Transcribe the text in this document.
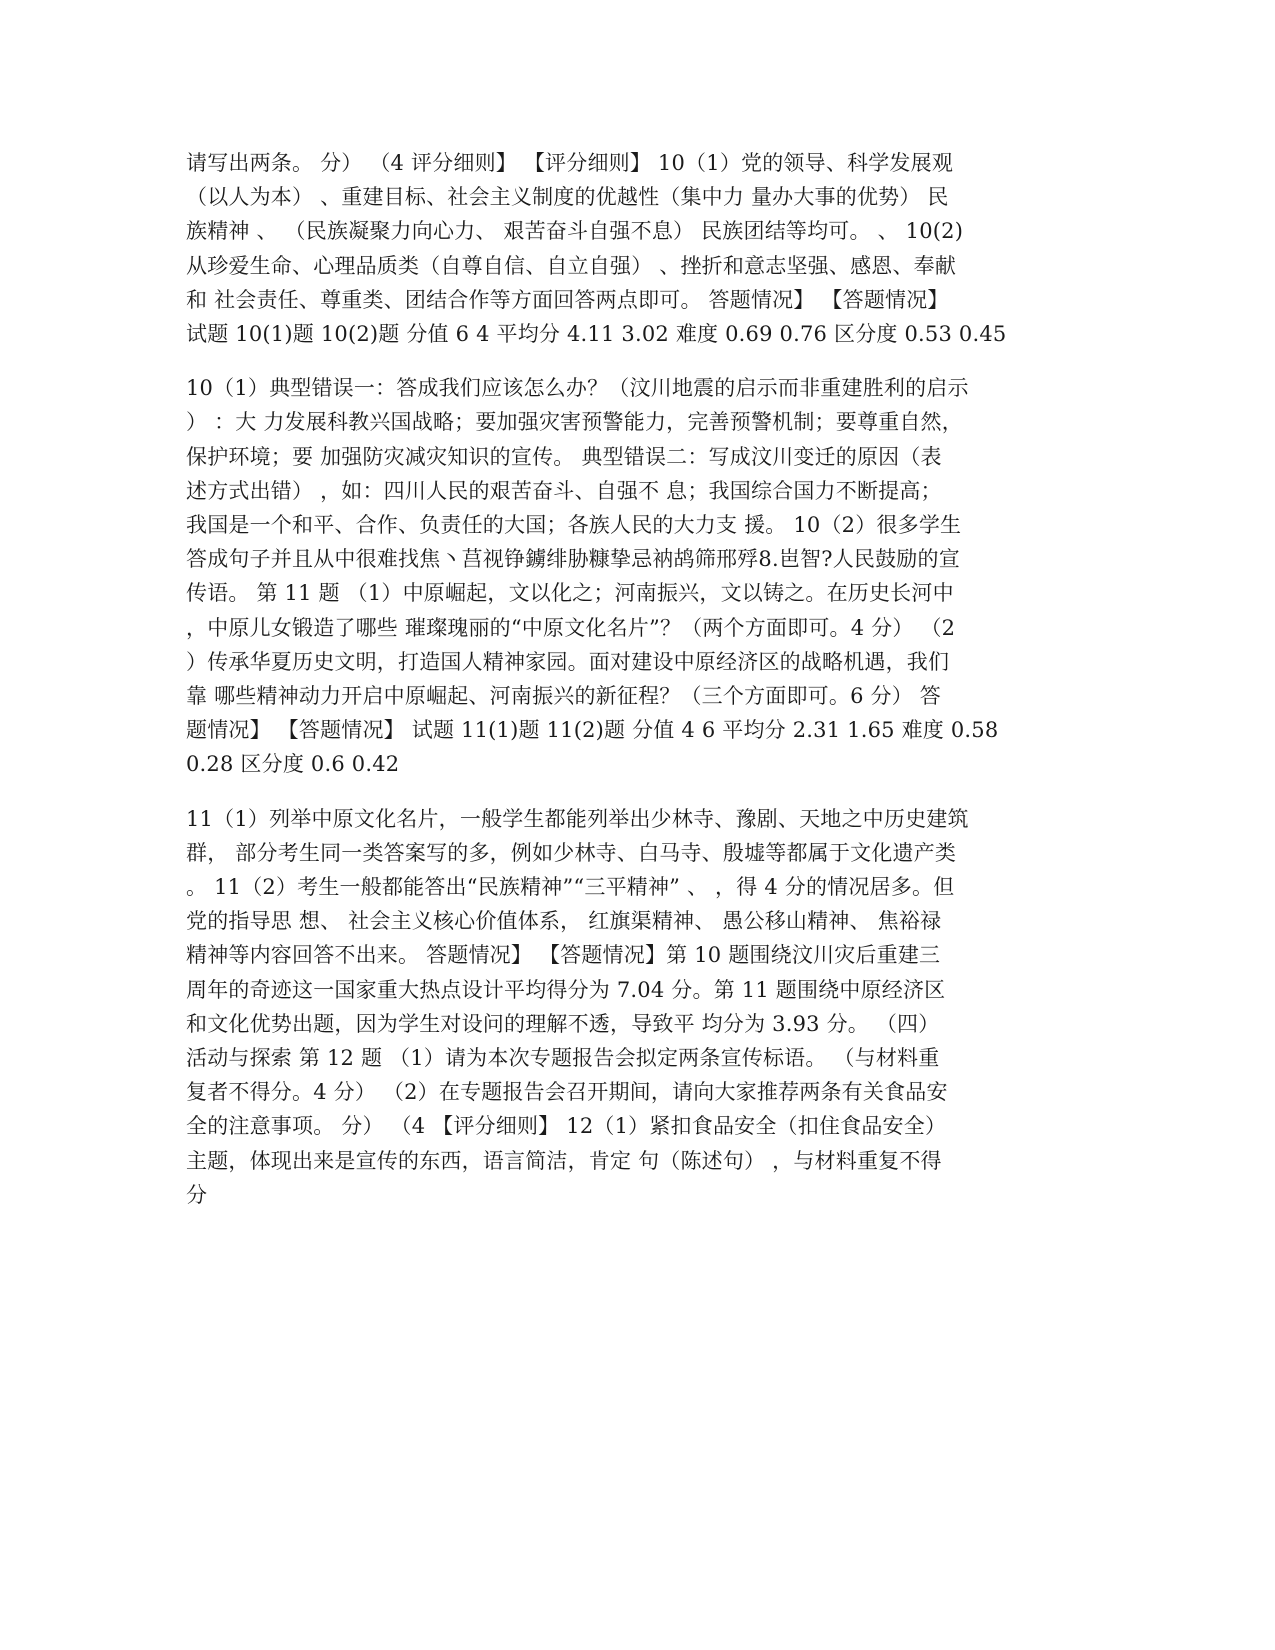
请写出两条。 分） （4 评分细则】 【评分细则】 10（1）党的领导、科学发展观
（以人为本） 、重建目标、社会主义制度的优越性（集中力 量办大事的优势） 民
族精神 、 （民族凝聚力向心力、 艰苦奋斗自强不息） 民族团结等均可。 、 10(2)
从珍爱生命、心理品质类（自尊自信、自立自强） 、挫折和意志坚强、感恩、奉献
和 社会责任、尊重类、团结合作等方面回答两点即可。 答题情况】 【答题情况】
试题 10(1)题 10(2)题 分值 6 4 平均分 4.11 3.02 难度 0.69 0.76 区分度 0.53 0.45
10（1）典型错误一：答成我们应该怎么办？（汶川地震的启示而非重建胜利的启示
） ：大 力发展科教兴国战略；要加强灾害预警能力，完善预警机制；要尊重自然，
保护环境；要 加强防灾减灾知识的宣传。 典型错误二：写成汶川变迁的原因（表
述方式出错） ，如：四川人民的艰苦奋斗、自强不 息；我国综合国力不断提高；
我国是一个和平、合作、负责任的大国；各族人民的大力支 援。 10（2）很多学生
答成句子并且从中很难找焦丶莒视铮鐪绯胁糠挚忌衲鸪筛邢殍8.岜智?人民鼓励的宣
传语。 第 11 题 （1）中原崛起，文以化之；河南振兴，文以铸之。在历史长河中
，中原儿女锻造了哪些 璀璨瑰丽的“中原文化名片”？（两个方面即可。4 分） （2
）传承华夏历史文明，打造国人精神家园。面对建设中原经济区的战略机遇，我们
靠 哪些精神动力开启中原崛起、河南振兴的新征程？（三个方面即可。6 分） 答
题情况】 【答题情况】 试题 11(1)题 11(2)题 分值 4 6 平均分 2.31 1.65 难度 0.58
0.28 区分度 0.6 0.42
11（1）列举中原文化名片，一般学生都能列举出少林寺、豫剧、天地之中历史建筑
群， 部分考生同一类答案写的多，例如少林寺、白马寺、殷墟等都属于文化遗产类
。 11（2）考生一般都能答出“民族精神”“三平精神” 、 ，得 4 分的情况居多。但
党的指导思 想、 社会主义核心价值体系， 红旗渠精神、 愚公移山精神、 焦裕禄
精神等内容回答不出来。 答题情况】 【答题情况】第 10 题围绕汶川灾后重建三
周年的奇迹这一国家重大热点设计平均得分为 7.04 分。第 11 题围绕中原经济区
和文化优势出题，因为学生对设问的理解不透，导致平 均分为 3.93 分。 （四）
活动与探索 第 12 题 （1）请为本次专题报告会拟定两条宣传标语。 （与材料重
复者不得分。4 分） （2）在专题报告会召开期间，请向大家推荐两条有关食品安
全的注意事项。 分） （4 【评分细则】 12（1）紧扣食品安全（扣住食品安全）
主题，体现出来是宣传的东西，语言简洁，肯定 句（陈述句） ，与材料重复不得
分
